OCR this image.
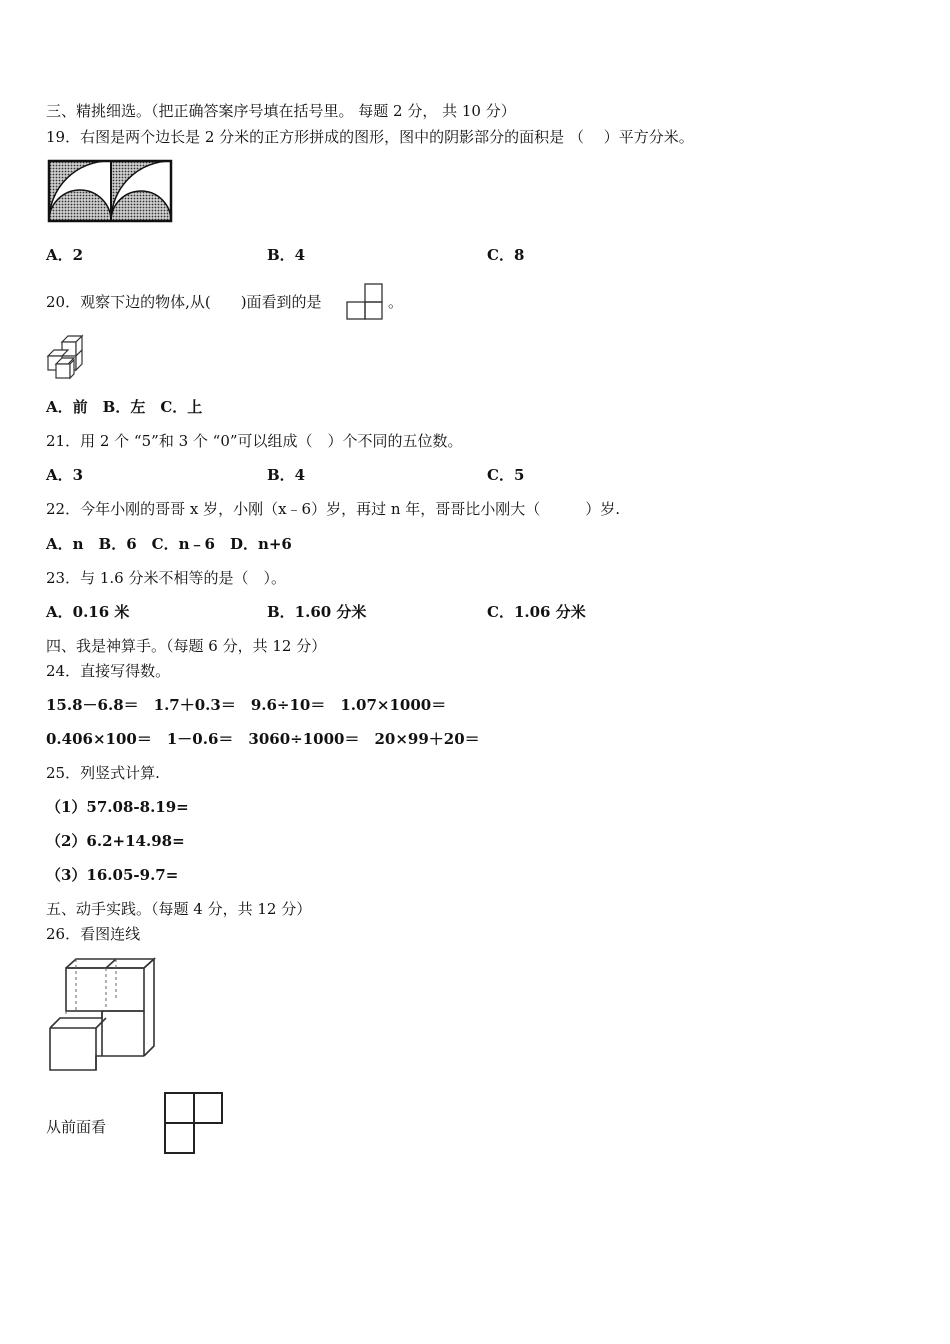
三、精挑细选。（把正确答案序号填在括号里。 每题 2 分， 共 10 分）
19．右图是两个边长是 2 分米的正方形拼成的图形，图中的阴影部分的面积是 （　 ）平方分米。
A．2	B．4	C．8
20．观察下边的物体,从(　　)面看到的是	。
A．前　B．左　C．上
21．用 2 个 “5”和 3 个 “0”可以组成（　）个不同的五位数。
A．3	B．4	C．5
22．今年小刚的哥哥 x 岁，小刚（x﹣6）岁，再过 n 年，哥哥比小刚大（　　　）岁.
A．n　B．6　C．n﹣6　D．n+6
23．与 1.6 分米不相等的是（　）。
A．0.16 米	B．1.60 分米	C．1.06 分米
四、我是神算手。（每题 6 分，共 12 分）
24．直接写得数。
15.8－6.8＝　1.7＋0.3＝　9.6÷10＝　1.07×1000＝
0.406×100＝　1－0.6＝　3060÷1000＝　20×99＋20＝
25．列竖式计算.
（1）57.08-8.19=
（2）6.2+14.98=
（3）16.05-9.7=
五、动手实践。（每题 4 分，共 12 分）
26．看图连线
从前面看
